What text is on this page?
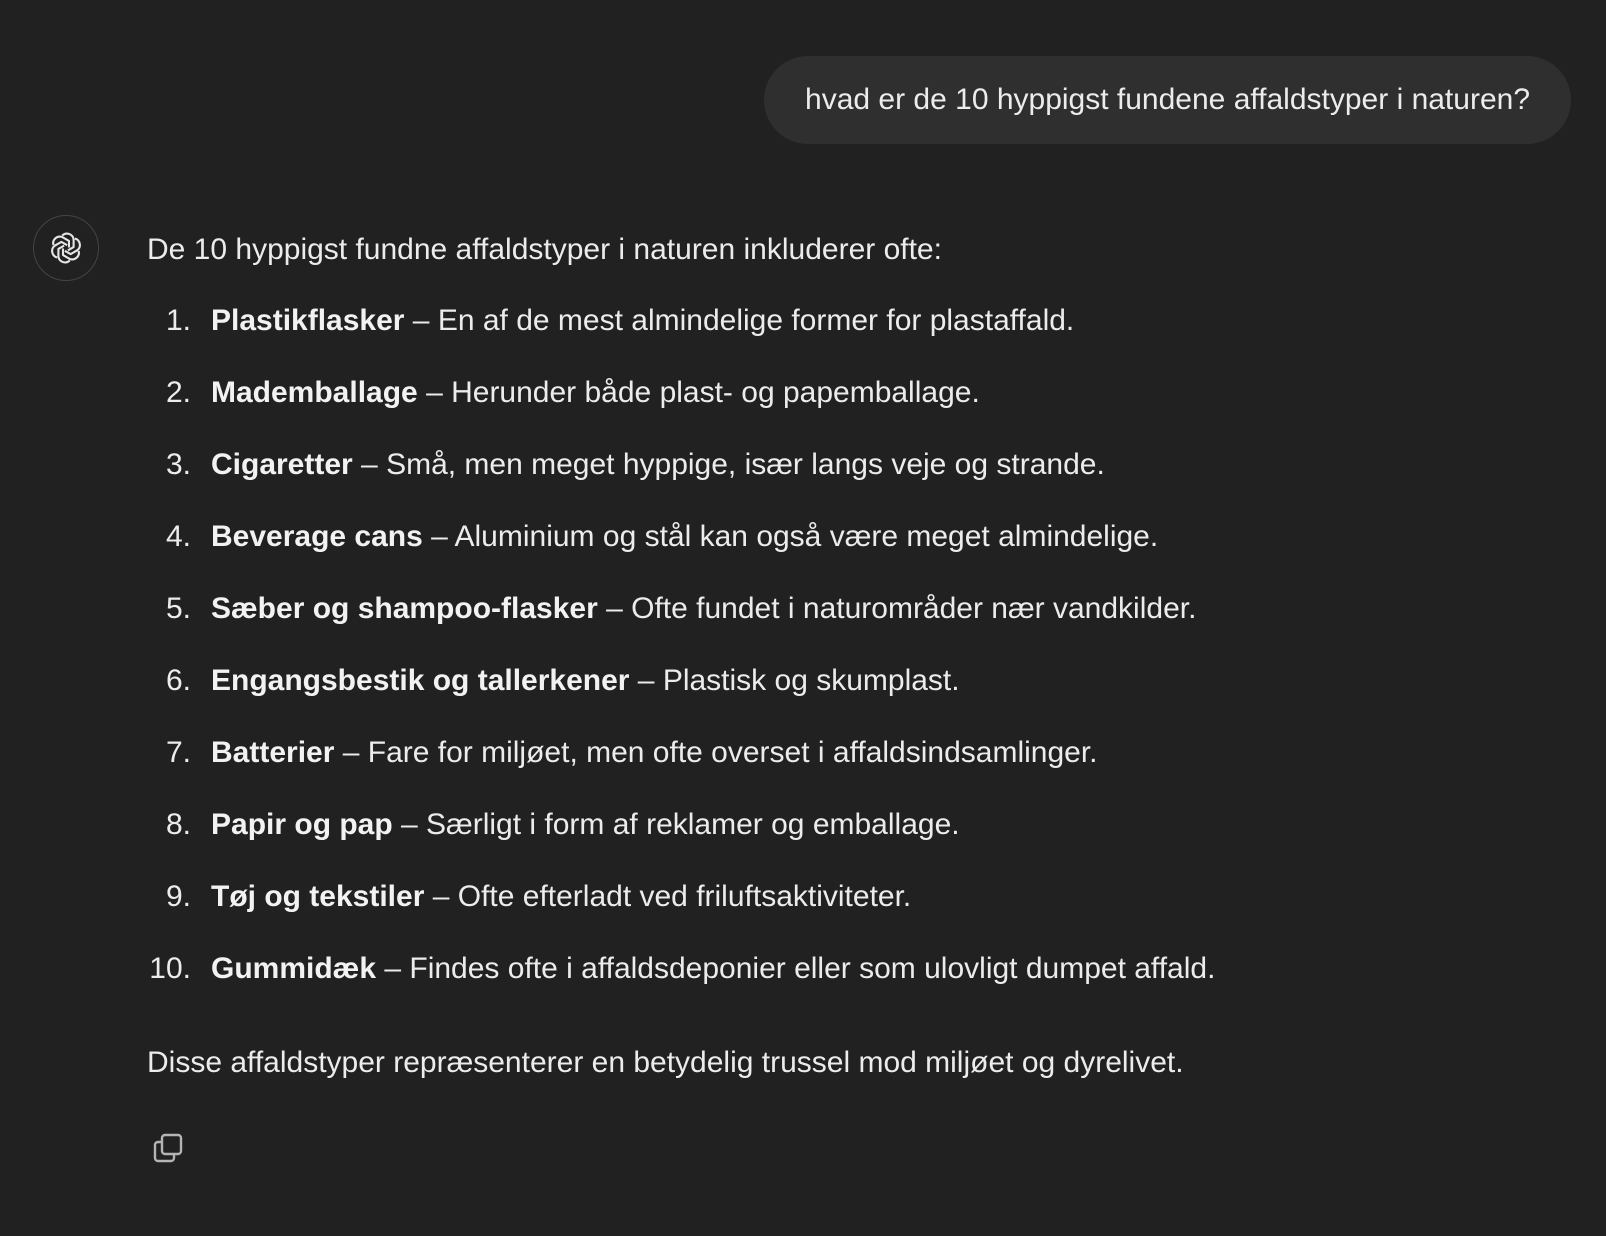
hvad er de 10 hyppigst fundene affaldstyper i naturen?

De 10 hyppigst fundne affaldstyper i naturen inkluderer ofte:

1. Plastikflasker – En af de mest almindelige former for plastaffald.
2. Mademballage – Herunder både plast- og papemballage.
3. Cigaretter – Små, men meget hyppige, især langs veje og strande.
4. Beverage cans – Aluminium og stål kan også være meget almindelige.
5. Sæber og shampoo-flasker – Ofte fundet i naturområder nær vandkilder.
6. Engangsbestik og tallerkener – Plastisk og skumplast.
7. Batterier – Fare for miljøet, men ofte overset i affaldsindsamlinger.
8. Papir og pap – Særligt i form af reklamer og emballage.
9. Tøj og tekstiler – Ofte efterladt ved friluftsaktiviteter.
10. Gummidæk – Findes ofte i affaldsdeponier eller som ulovligt dumpet affald.

Disse affaldstyper repræsenterer en betydelig trussel mod miljøet og dyrelivet.
